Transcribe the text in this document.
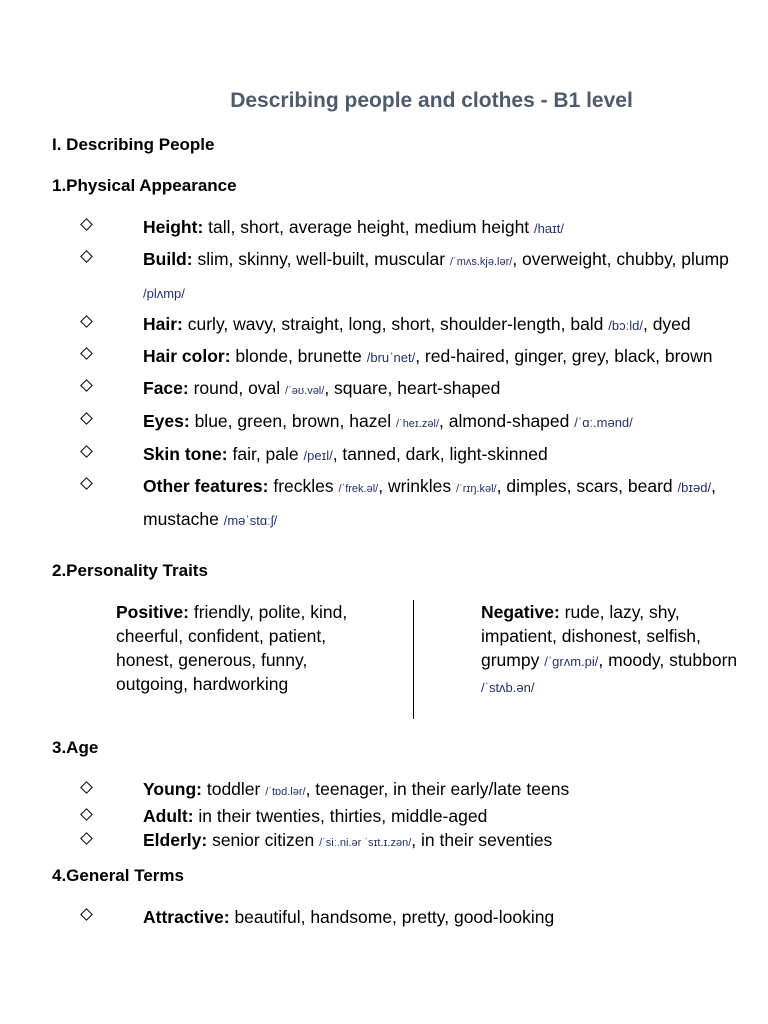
Describing people and clothes - B1 level
I. Describing People
1.Physical Appearance
Height: tall, short, average height, medium height /haɪt/
Build: slim, skinny, well-built, muscular /ˈmʌs.kjə.lər/, overweight, chubby, plump /plʌmp/
Hair: curly, wavy, straight, long, short, shoulder-length, bald /bɔːld/, dyed
Hair color: blonde, brunette /bruˈnet/, red-haired, ginger, grey, black, brown
Face: round, oval /ˈəʊ.vəl/, square, heart-shaped
Eyes: blue, green, brown, hazel /ˈheɪ.zəl/, almond-shaped /ˈɑː.mənd/
Skin tone: fair, pale /peɪl/, tanned, dark, light-skinned
Other features: freckles /ˈfrek.əl/, wrinkles /ˈrɪŋ.kəl/, dimples, scars, beard /bɪəd/, mustache /məˈstɑːʃ/
2.Personality Traits
Positive: friendly, polite, kind, cheerful, confident, patient, honest, generous, funny, outgoing, hardworking
Negative: rude, lazy, shy, impatient, dishonest, selfish, grumpy /ˈgrʌm.pi/, moody, stubborn /ˈstʌb.ən/
3.Age
Young: toddler /ˈtɒd.lər/, teenager, in their early/late teens
Adult: in their twenties, thirties, middle-aged
Elderly: senior citizen /ˈsiː.ni.ər ˈsɪt.ɪ.zən/, in their seventies
4.General Terms
Attractive: beautiful, handsome, pretty, good-looking
